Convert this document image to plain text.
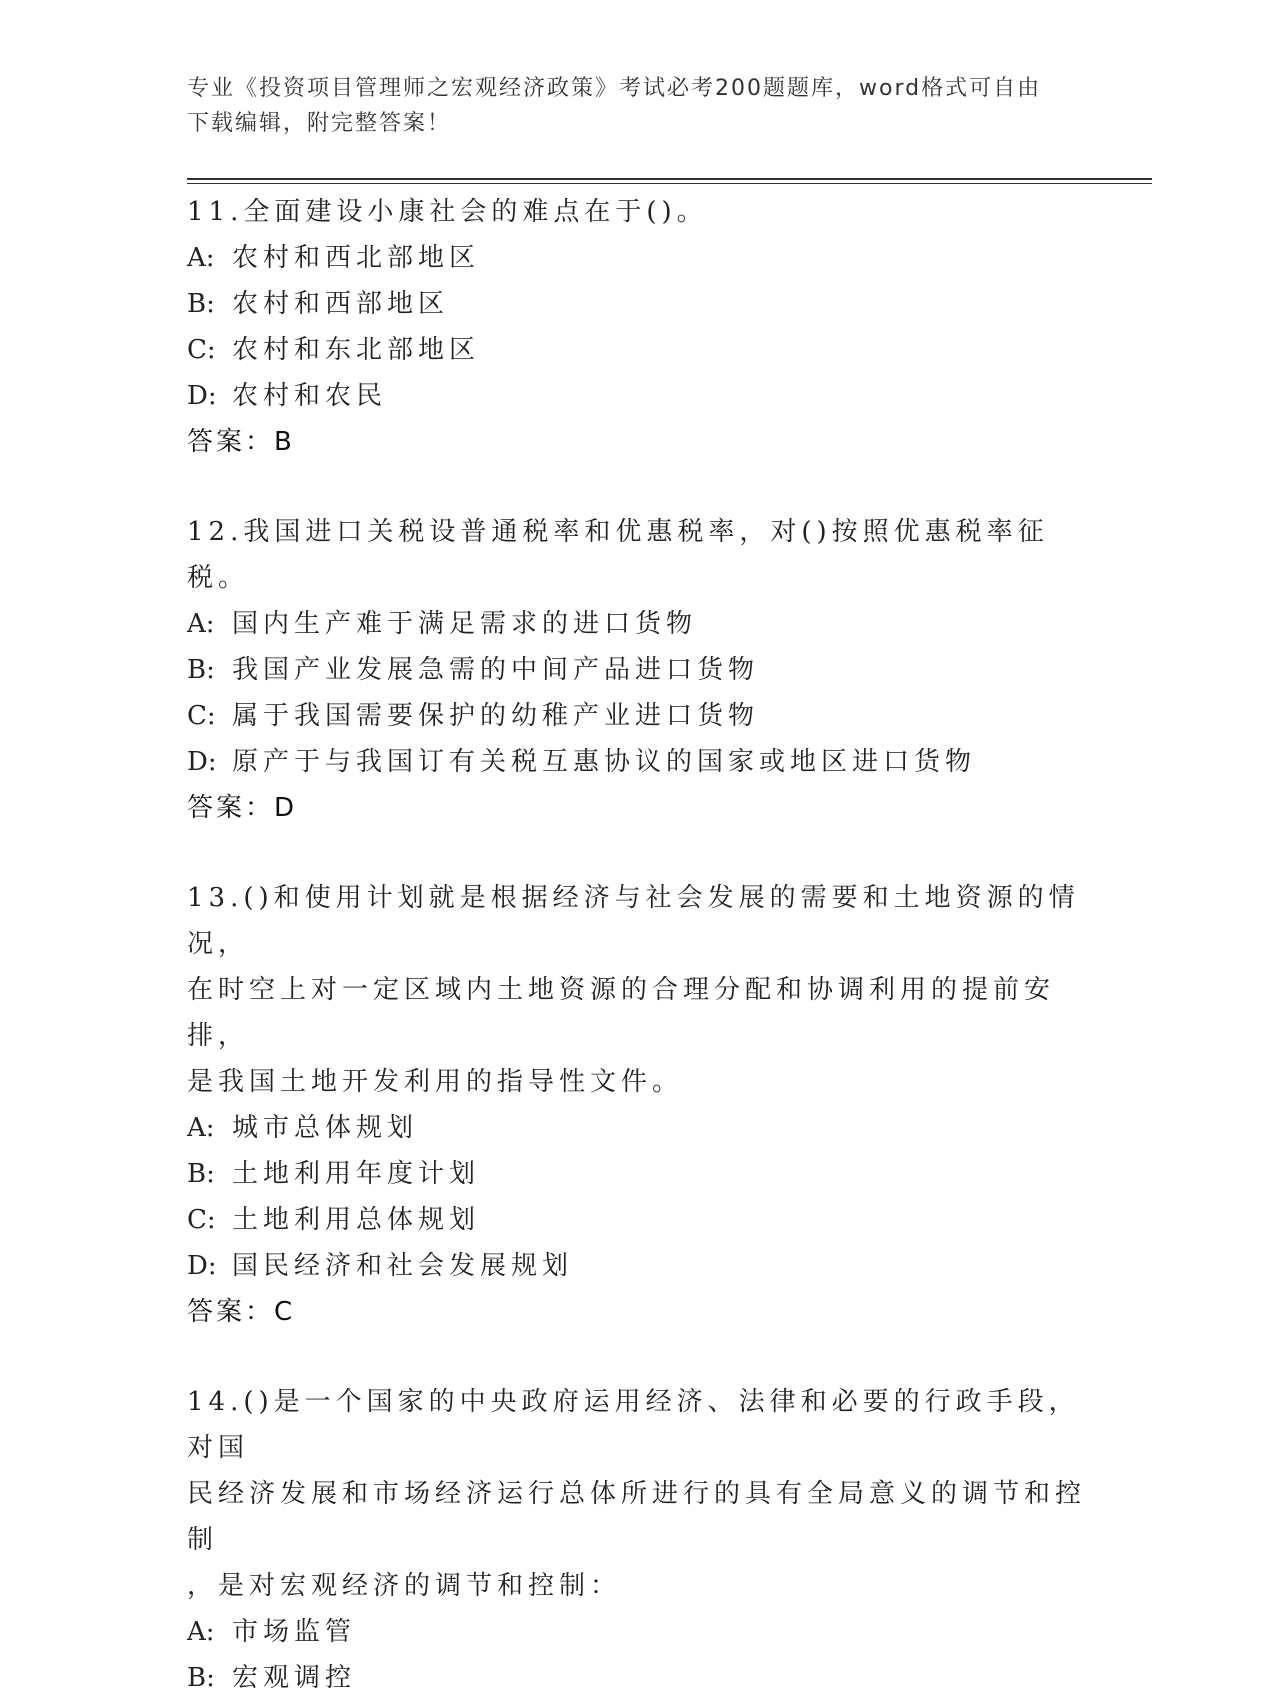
专业《投资项目管理师之宏观经济政策》考试必考200题题库，word格式可自由
下载编辑，附完整答案！
11.全面建设小康社会的难点在于()。
A: 农村和西北部地区
B: 农村和西部地区
C: 农村和东北部地区
D: 农村和农民
答案：B
12.我国进口关税设普通税率和优惠税率，对()按照优惠税率征税。
A: 国内生产难于满足需求的进口货物
B: 我国产业发展急需的中间产品进口货物
C: 属于我国需要保护的幼稚产业进口货物
D: 原产于与我国订有关税互惠协议的国家或地区进口货物
答案：D
13.()和使用计划就是根据经济与社会发展的需要和土地资源的情况，
在时空上对一定区域内土地资源的合理分配和协调利用的提前安排，
是我国土地开发利用的指导性文件。
A: 城市总体规划
B: 土地利用年度计划
C: 土地利用总体规划
D: 国民经济和社会发展规划
答案：C
14.()是一个国家的中央政府运用经济、法律和必要的行政手段，对国
民经济发展和市场经济运行总体所进行的具有全局意义的调节和控制
，是对宏观经济的调节和控制：
A: 市场监管
B: 宏观调控
